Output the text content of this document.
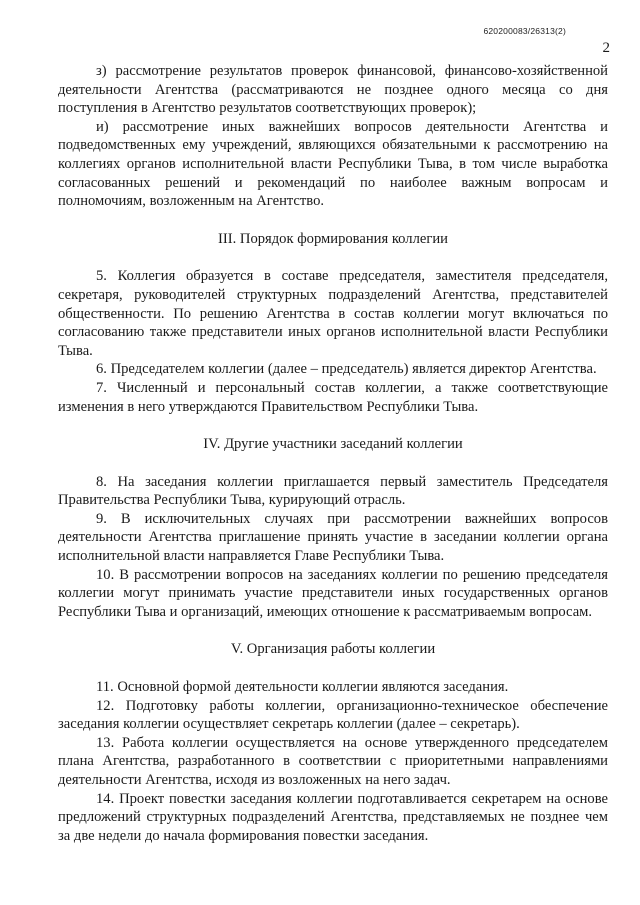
620200083/26313(2)
2

з) рассмотрение результатов проверок финансовой, финансово-хозяйственной деятельности Агентства (рассматриваются не позднее одного месяца со дня поступления в Агентство результатов соответствующих проверок);

и) рассмотрение иных важнейших вопросов деятельности Агентства и подведомственных ему учреждений, являющихся обязательными к рассмотрению на коллегиях органов исполнительной власти Республики Тыва, в том числе выработка согласованных решений и рекомендаций по наиболее важным вопросам и полномочиям, возложенным на Агентство.

III. Порядок формирования коллегии

5. Коллегия образуется в составе председателя, заместителя председателя, секретаря, руководителей структурных подразделений Агентства, представителей общественности. По решению Агентства в состав коллегии могут включаться по согласованию также представители иных органов исполнительной власти Республики Тыва.

6. Председателем коллегии (далее – председатель) является директор Агентства.

7. Численный и персональный состав коллегии, а также соответствующие изменения в него утверждаются Правительством Республики Тыва.

IV. Другие участники заседаний коллегии

8. На заседания коллегии приглашается первый заместитель Председателя Правительства Республики Тыва, курирующий отрасль.

9. В исключительных случаях при рассмотрении важнейших вопросов деятельности Агентства приглашение принять участие в заседании коллегии органа исполнительной власти направляется Главе Республики Тыва.

10. В рассмотрении вопросов на заседаниях коллегии по решению председателя коллегии могут принимать участие представители иных государственных органов Республики Тыва и организаций, имеющих отношение к рассматриваемым вопросам.

V. Организация работы коллегии

11. Основной формой деятельности коллегии являются заседания.

12. Подготовку работы коллегии, организационно-техническое обеспечение заседания коллегии осуществляет секретарь коллегии (далее – секретарь).

13. Работа коллегии осуществляется на основе утвержденного председателем плана Агентства, разработанного в соответствии с приоритетными направлениями деятельности Агентства, исходя из возложенных на него задач.

14. Проект повестки заседания коллегии подготавливается секретарем на основе предложений структурных подразделений Агентства, представляемых не позднее чем за две недели до начала формирования повестки заседания.
